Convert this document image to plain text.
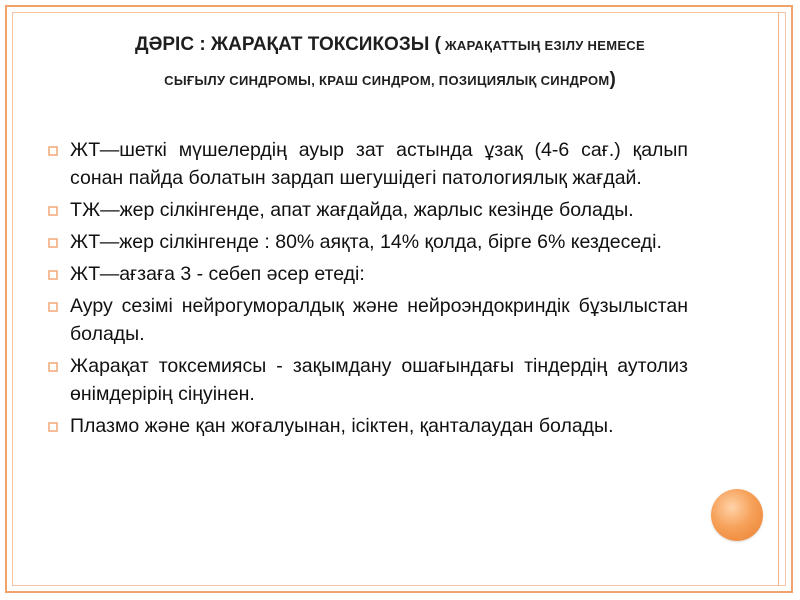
ДӘРІС : ЖАРАҚАТ ТОКСИКОЗЫ ( ЖАРАҚАТТЫҢ ЕЗІЛУ НЕМЕСЕ
СЫҒЫЛУ СИНДРОМЫ, КРАШ СИНДРОМ, ПОЗИЦИЯЛЫҚ СИНДРОМ)
ЖТ—шеткі мүшелердің ауыр зат астында ұзақ (4-6 сағ.) қалып сонан пайда болатын зардап шегушідегі патологиялық жағдай.
ТЖ—жер сілкінгенде, апат жағдайда, жарлыс кезінде болады.
ЖТ—жер сілкінгенде : 80% аяқта, 14% қолда, бірге 6% кездеседі.
ЖТ—ағзаға 3 - себеп әсер етеді:
Ауру сезімі нейрогуморалдық және нейроэндокриндік бұзылыстан болады.
Жарақат токсемиясы - зақымдану ошағындағы тіндердің аутолиз өнімдерірің сіңуінен.
Плазмо және қан жоғалуынан, ісіктен, қанталаудан болады.
